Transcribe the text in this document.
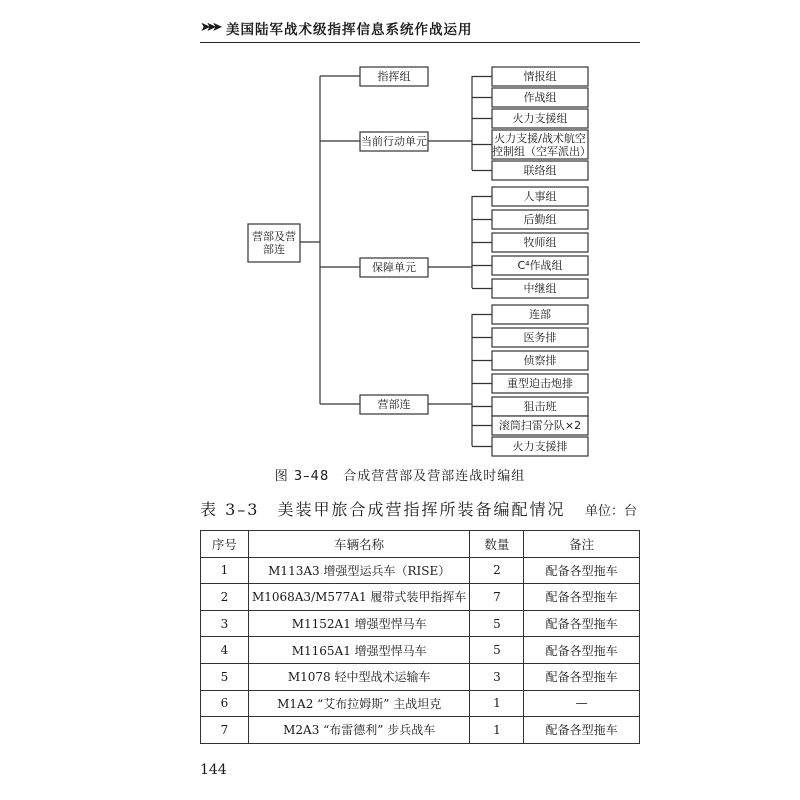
➤➤➤ 美国陆军战术级指挥信息系统作战运用
营部及营部连
指挥组
当前行动单元
保障单元
营部连
情报组
作战组
火力支援组
火力支援/战术航空控制组（空军派出）
联络组
人事组
后勤组
牧师组
C⁴作战组
中继组
连部
医务排
侦察排
重型迫击炮排
狙击班
滚筒扫雷分队×2
火力支援排
图 3–48　合成营营部及营部连战时编组
表 3–3　美装甲旅合成营指挥所装备编配情况 单位：台
序号	车辆名称	数量	备注
1	M113A3 增强型运兵车（RISE）	2	配备各型拖车
2	M1068A3/M577A1 履带式装甲指挥车	7	配备各型拖车
3	M1152A1 增强型悍马车	5	配备各型拖车
4	M1165A1 增强型悍马车	5	配备各型拖车
5	M1078 轻中型战术运输车	3	配备各型拖车
6	M1A2 “艾布拉姆斯” 主战坦克	1	—
7	M2A3 “布雷德利” 步兵战车	1	配备各型拖车
144
